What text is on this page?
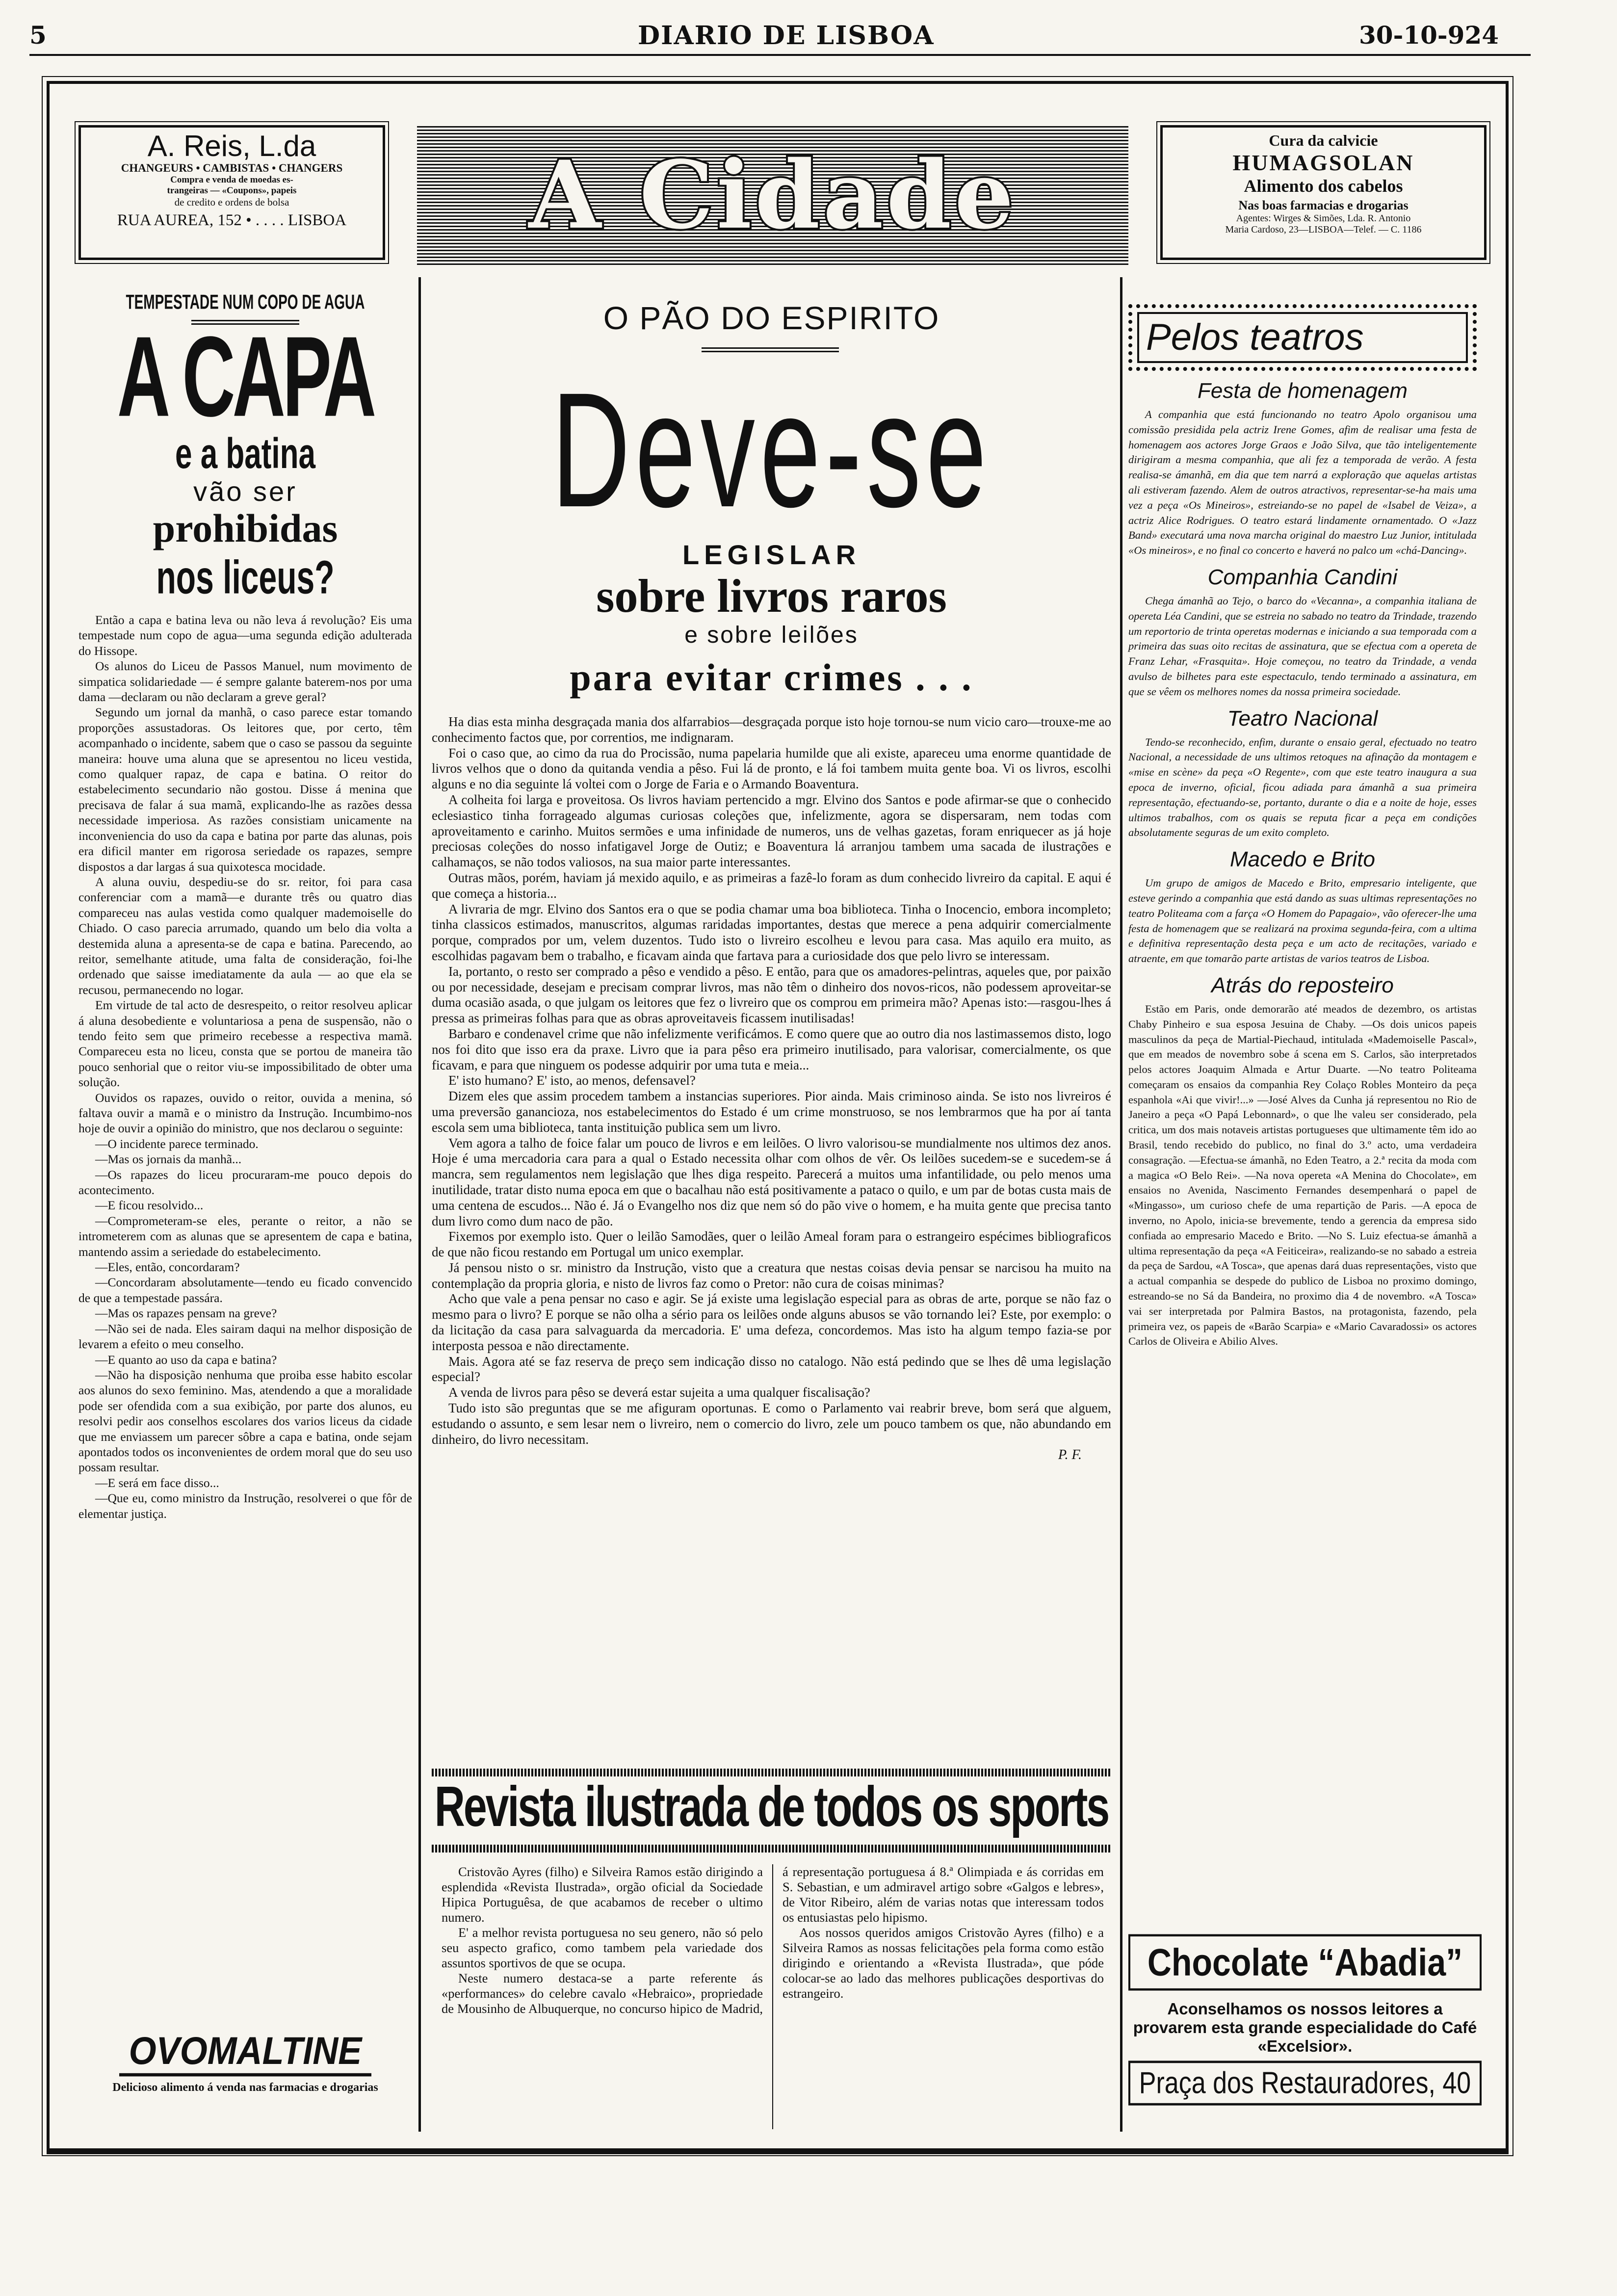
5	DIARIO DE LISBOA	30-10-924
A. Reis, L.da
CHANGEURS • CAMBISTAS • CHANGERS
Compra e venda de moedas es-
trangeiras — «Coupons», papeis
de credito e ordens de bolsa
RUA AUREA, 152 • . . . . LISBOA	A Cidade	Cura da calvicie
HUMAGSOLAN
Alimento dos cabelos
Nas boas farmacias e drogarias
Agentes: Wirges & Simões, Lda. R. Antonio
Maria Cardoso, 23—LISBOA—Telef. — C. 1186
TEMPESTADE NUM COPO DE AGUA
A CAPA
e a batina
vão ser
prohibidas
nos liceus?

Então a capa e batina leva ou não leva á revolução? Eis uma tempestade num copo de agua—uma segunda edição adulterada do Hissope.

Os alunos do Liceu de Passos Manuel, num movimento de simpatica solidariedade — é sempre galante baterem-nos por uma dama —declaram ou não declaram a greve geral?

Segundo um jornal da manhã, o caso parece estar tomando proporções assustadoras. Os leitores que, por certo, têm acompanhado o incidente, sabem que o caso se passou da seguinte maneira: houve uma aluna que se apresentou no liceu vestida, como qualquer rapaz, de capa e batina. O reitor do estabelecimento secundario não gostou. Disse á menina que precisava de falar á sua mamã, explicando-lhe as razões dessa necessidade imperiosa. As razões consistiam unicamente na inconveniencia do uso da capa e batina por parte das alunas, pois era dificil manter em rigorosa seriedade os rapazes, sempre dispostos a dar largas á sua quixotesca mocidade.

A aluna ouviu, despediu-se do sr. reitor, foi para casa conferenciar com a mamã—e durante três ou quatro dias compareceu nas aulas vestida como qualquer mademoiselle do Chiado. O caso parecia arrumado, quando um belo dia volta a destemida aluna a apresenta-se de capa e batina. Parecendo, ao reitor, semelhante atitude, uma falta de consideração, foi-lhe ordenado que saisse imediatamente da aula — ao que ela se recusou, permanecendo no logar.

Em virtude de tal acto de desrespeito, o reitor resolveu aplicar á aluna desobediente e voluntariosa a pena de suspensão, não o tendo feito sem que primeiro recebesse a respectiva mamã. Compareceu esta no liceu, consta que se portou de maneira tão pouco senhorial que o reitor viu-se impossibilitado de obter uma solução.

Ouvidos os rapazes, ouvido o reitor, ouvida a menina, só faltava ouvir a mamã e o ministro da Instrução. Incumbimo-nos hoje de ouvir a opinião do ministro, que nos declarou o seguinte:

—O incidente parece terminado.

—Mas os jornais da manhã...

—Os rapazes do liceu procuraram-me pouco depois do acontecimento.

—E ficou resolvido...

—Comprometeram-se eles, perante o reitor, a não se intrometerem com as alunas que se apresentem de capa e batina, mantendo assim a seriedade do estabelecimento.

—Eles, então, concordaram?

—Concordaram absolutamente—tendo eu ficado convencido de que a tempestade passára.

—Mas os rapazes pensam na greve?

—Não sei de nada. Eles sairam daqui na melhor disposição de levarem a efeito o meu conselho.

—E quanto ao uso da capa e batina?

—Não ha disposição nenhuma que proiba esse habito escolar aos alunos do sexo feminino. Mas, atendendo a que a moralidade pode ser ofendida com a sua exibição, por parte dos alunos, eu resolvi pedir aos conselhos escolares dos varios liceus da cidade que me enviassem um parecer sôbre a capa e batina, onde sejam apontados todos os inconvenientes de ordem moral que do seu uso possam resultar.

—E será em face disso...

—Que eu, como ministro da Instrução, resolverei o que fôr de elementar justiça.

OVOMALTINE
Delicioso alimento á venda nas farmacias e drogarias
O PÃO DO ESPIRITO
Deve-se
LEGISLAR
sobre livros raros
e sobre leilões
para evitar crimes . . .

Ha dias esta minha desgraçada mania dos alfarrabios—desgraçada porque isto hoje tornou-se num vicio caro—trouxe-me ao conhecimento factos que, por correntios, me indignaram.

Foi o caso que, ao cimo da rua do Procissão, numa papelaria humilde que ali existe, apareceu uma enorme quantidade de livros velhos que o dono da quitanda vendia a pêso. Fui lá de pronto, e lá foi tambem muita gente boa. Vi os livros, escolhi alguns e no dia seguinte lá voltei com o Jorge de Faria e o Armando Boaventura.

A colheita foi larga e proveitosa. Os livros haviam pertencido a mgr. Elvino dos Santos e pode afirmar-se que o conhecido eclesiastico tinha forrageado algumas curiosas coleções que, infelizmente, agora se dispersaram, nem todas com aproveitamento e carinho. Muitos sermões e uma infinidade de numeros, uns de velhas gazetas, foram enriquecer as já hoje preciosas coleções do nosso infatigavel Jorge de Outiz; e Boaventura lá arranjou tambem uma sacada de ilustrações e calhamaços, se não todos valiosos, na sua maior parte interessantes.

Outras mãos, porém, haviam já mexido aquilo, e as primeiras a fazê-lo foram as dum conhecido livreiro da capital. E aqui é que começa a historia...

A livraria de mgr. Elvino dos Santos era o que se podia chamar uma boa biblioteca. Tinha o Inocencio, embora incompleto; tinha classicos estimados, manuscritos, algumas raridadas importantes, destas que merece a pena adquirir comercialmente porque, comprados por um, velem duzentos. Tudo isto o livreiro escolheu e levou para casa. Mas aquilo era muito, as escolhidas pagavam bem o trabalho, e ficavam ainda que fartava para a curiosidade dos que pelo livro se interessam.

Ia, portanto, o resto ser comprado a pêso e vendido a pêso. E então, para que os amadores-pelintras, aqueles que, por paixão ou por necessidade, desejam e precisam comprar livros, mas não têm o dinheiro dos novos-ricos, não podessem aproveitar-se duma ocasião asada, o que julgam os leitores que fez o livreiro que os comprou em primeira mão? Apenas isto:—rasgou-lhes á pressa as primeiras folhas para que as obras aproveitaveis ficassem inutilisadas!

Barbaro e condenavel crime que não infelizmente verificámos. E como quere que ao outro dia nos lastimassemos disto, logo nos foi dito que isso era da praxe. Livro que ia para pêso era primeiro inutilisado, para valorisar, comercialmente, os que ficavam, e para que ninguem os podesse adquirir por uma tuta e meia...

E' isto humano? E' isto, ao menos, defensavel?

Dizem eles que assim procedem tambem a instancias superiores. Pior ainda. Mais criminoso ainda. Se isto nos livreiros é uma preversão ganancioza, nos estabelecimentos do Estado é um crime monstruoso, se nos lembrarmos que ha por aí tanta escola sem uma biblioteca, tanta instituição publica sem um livro.

Vem agora a talho de foice falar um pouco de livros e em leilões. O livro valorisou-se mundialmente nos ultimos dez anos. Hoje é uma mercadoria cara para a qual o Estado necessita olhar com olhos de vêr. Os leilões sucedem-se e sucedem-se á mancra, sem regulamentos nem legislação que lhes diga respeito. Parecerá a muitos uma infantilidade, ou pelo menos uma inutilidade, tratar disto numa epoca em que o bacalhau não está positivamente a pataco o quilo, e um par de botas custa mais de uma centena de escudos... Não é. Já o Evangelho nos diz que nem só do pão vive o homem, e ha muita gente que precisa tanto dum livro como dum naco de pão.

Fixemos por exemplo isto. Quer o leilão Samodães, quer o leilão Ameal foram para o estrangeiro espécimes bibliograficos de que não ficou restando em Portugal um unico exemplar.

Já pensou nisto o sr. ministro da Instrução, visto que a creatura que nestas coisas devia pensar se narcisou ha muito na contemplação da propria gloria, e nisto de livros faz como o Pretor: não cura de coisas minimas?

Acho que vale a pena pensar no caso e agir. Se já existe uma legislação especial para as obras de arte, porque se não faz o mesmo para o livro? E porque se não olha a sério para os leilões onde alguns abusos se vão tornando lei? Este, por exemplo: o da licitação da casa para salvaguarda da mercadoria. E' uma defeza, concordemos. Mas isto ha algum tempo fazia-se por interposta pessoa e não directamente.

Mais. Agora até se faz reserva de preço sem indicação disso no catalogo. Não está pedindo que se lhes dê uma legislação especial?

A venda de livros para pêso se deverá estar sujeita a uma qualquer fiscalisação?

Tudo isto são preguntas que se me afiguram oportunas. E como o Parlamento vai reabrir breve, bom será que alguem, estudando o assunto, e sem lesar nem o livreiro, nem o comercio do livro, zele um pouco tambem os que, não abundando em dinheiro, do livro necessitam.

P. F.
Revista ilustrada de todos os sports

Cristovão Ayres (filho) e Silveira Ramos estão dirigindo a esplendida «Revista Ilustrada», orgão oficial da Sociedade Hipica Portuguêsa, de que acabamos de receber o ultimo numero.

E' a melhor revista portuguesa no seu genero, não só pelo seu aspecto grafico, como tambem pela variedade dos assuntos sportivos de que se ocupa.

Neste numero destaca-se a parte referente ás «performances» do celebre cavalo «Hebraico», propriedade de Mousinho de Albuquerque, no concurso hipico de Madrid, á representação portuguesa á 8.ª Olimpiada e ás corridas em S. Sebastian, e um admiravel artigo sobre «Galgos e lebres», de Vitor Ribeiro, além de varias notas que interessam todos os entusiastas pelo hipismo.

Aos nossos queridos amigos Cristovão Ayres (filho) e a Silveira Ramos as nossas felicitações pela forma como estão dirigindo e orientando a «Revista Ilustrada», que póde colocar-se ao lado das melhores publicações desportivas do estrangeiro.

Pelos teatros
Festa de homenagem

A companhia que está funcionando no teatro Apolo organisou uma comissão presidida pela actriz Irene Gomes, afim de realisar uma festa de homenagem aos actores Jorge Graos e João Silva, que tão inteligentemente dirigiram a mesma companhia, que ali fez a temporada de verão. A festa realisa-se ámanhã, em dia que tem narrá a exploração que aquelas artistas ali estiveram fazendo. Alem de outros atractivos, representar-se-ha mais uma vez a peça «Os Mineiros», estreiando-se no papel de «Isabel de Veiza», a actriz Alice Rodrigues. O teatro estará lindamente ornamentado. O «Jazz Band» executará uma nova marcha original do maestro Luz Junior, intitulada «Os mineiros», e no final co concerto e haverá no palco um «chá-Dancing».

Companhia Candini

Chega ámanhã ao Tejo, o barco do «Vecanna», a companhia italiana de opereta Léa Candini, que se estreia no sabado no teatro da Trindade, trazendo um reportorio de trinta operetas modernas e iniciando a sua temporada com a primeira das suas oito recitas de assinatura, que se efectua com a opereta de Franz Lehar, «Frasquita». Hoje começou, no teatro da Trindade, a venda avulso de bilhetes para este espectaculo, tendo terminado a assinatura, em que se vêem os melhores nomes da nossa primeira sociedade.

Teatro Nacional

Tendo-se reconhecido, enfim, durante o ensaio geral, efectuado no teatro Nacional, a necessidade de uns ultimos retoques na afinação da montagem e «mise en scène» da peça «O Regente», com que este teatro inaugura a sua epoca de inverno, oficial, ficou adiada para ámanhã a sua primeira representação, efectuando-se, portanto, durante o dia e a noite de hoje, esses ultimos trabalhos, com os quais se reputa ficar a peça em condições absolutamente seguras de um exito completo.

Macedo e Brito

Um grupo de amigos de Macedo e Brito, empresario inteligente, que esteve gerindo a companhia que está dando as suas ultimas representações no teatro Politeama com a farça «O Homem do Papagaio», vão oferecer-lhe uma festa de homenagem que se realizará na proxima segunda-feira, com a ultima e definitiva representação desta peça e um acto de recitações, variado e atraente, em que tomarão parte artistas de varios teatros de Lisboa.

Atrás do reposteiro

Estão em Paris, onde demorarão até meados de dezembro, os artistas Chaby Pinheiro e sua esposa Jesuina de Chaby. —Os dois unicos papeis masculinos da peça de Martial-Piechaud, intitulada «Mademoiselle Pascal», que em meados de novembro sobe á scena em S. Carlos, são interpretados pelos actores Joaquim Almada e Artur Duarte. —No teatro Politeama começaram os ensaios da companhia Rey Colaço Robles Monteiro da peça espanhola «Ai que vivir!...» —José Alves da Cunha já representou no Rio de Janeiro a peça «O Papá Lebonnard», o que lhe valeu ser considerado, pela critica, um dos mais notaveis artistas portugueses que ultimamente têm ido ao Brasil, tendo recebido do publico, no final do 3.º acto, uma verdadeira consagração. —Efectua-se ámanhã, no Eden Teatro, a 2.ª recita da moda com a magica «O Belo Rei». —Na nova opereta «A Menina do Chocolate», em ensaios no Avenida, Nascimento Fernandes desempenhará o papel de «Mingasso», um curioso chefe de uma repartição de Paris. —A epoca de inverno, no Apolo, inicia-se brevemente, tendo a gerencia da empresa sido confiada ao empresario Macedo e Brito. —No S. Luiz efectua-se ámanhã a ultima representação da peça «A Feiticeira», realizando-se no sabado a estreia da peça de Sardou, «A Tosca», que apenas dará duas representações, visto que a actual companhia se despede do publico de Lisboa no proximo domingo, estreando-se no Sá da Bandeira, no proximo dia 4 de novembro. «A Tosca» vai ser interpretada por Palmira Bastos, na protagonista, fazendo, pela primeira vez, os papeis de «Barão Scarpia» e «Mario Cavaradossi» os actores Carlos de Oliveira e Abilio Alves.

Chocolate “Abadia”
Aconselhamos os nossos leitores a provarem esta grande especialidade do Café «Excelsior».
Praça dos Restauradores, 40
